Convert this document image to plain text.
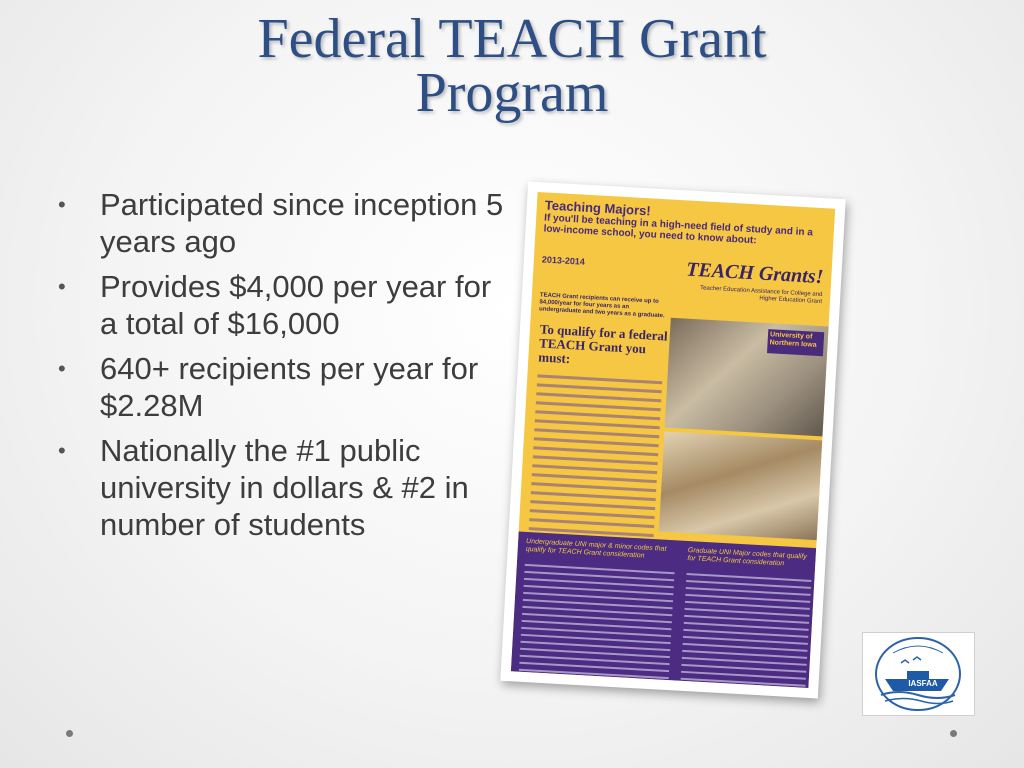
Federal TEACH Grant
Program
• Participated since inception 5 years ago
• Provides $4,000 per year for a total of $16,000
• 640+ recipients per year for $2.28M
• Nationally the #1 public university in dollars & #2 in number of students
Teaching Majors!
If you'll be teaching in a high-need field of study and in a low-income school, you need to know about:
2013-2014	TEACH Grants!
Teacher Education Assistance for College and Higher Education Grant
TEACH Grant recipients can receive up to $4,000/year for four years as an undergraduate and two years as a graduate.
To qualify for a federal TEACH Grant you must:
University of Northern Iowa
Undergraduate UNI major & minor codes that qualify for TEACH Grant consideration	Graduate UNI Major codes that qualify for TEACH Grant consideration
IASFAA
